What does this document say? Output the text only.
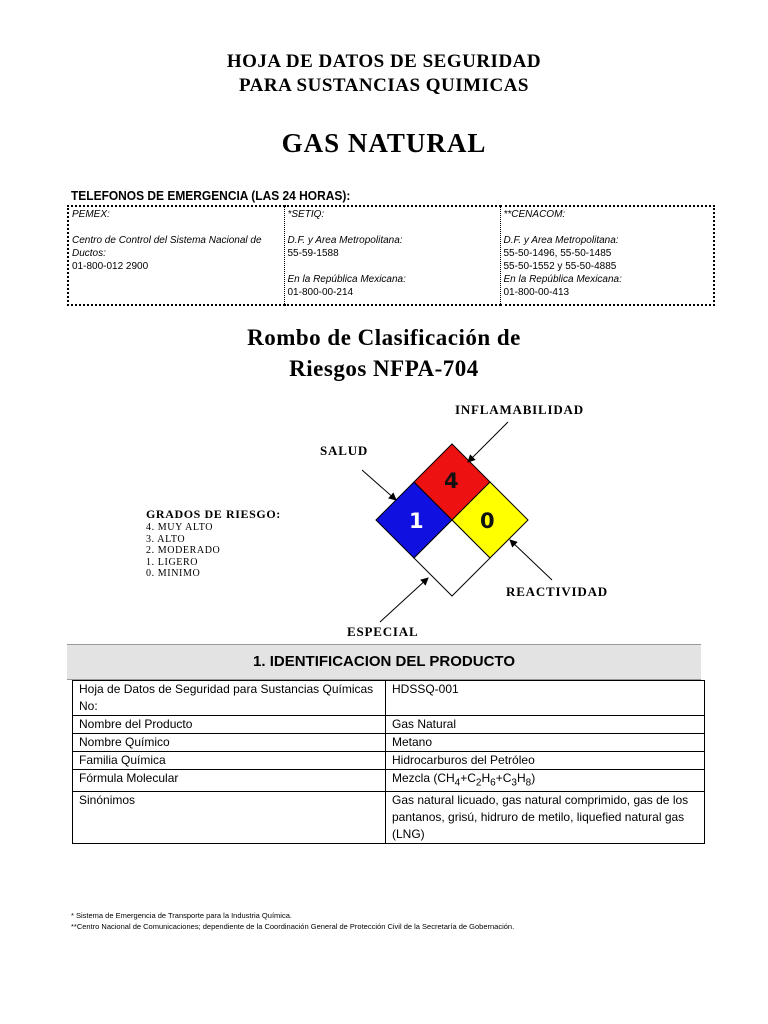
HOJA DE DATOS DE SEGURIDAD
PARA SUSTANCIAS QUIMICAS
GAS NATURAL
TELEFONOS DE EMERGENCIA (LAS 24 HORAS):
PEMEX:
Centro de Control del Sistema Nacional de Ductos:
01-800-012 2900

*SETIQ:
D.F. y Area Metropolitana:
55-59-1588
En la República Mexicana:
01-800-00-214

**CENACOM:
D.F. y Area Metropolitana:
55-50-1496, 55-50-1485
55-50-1552 y 55-50-4885
En la República Mexicana:
01-800-00-413
Rombo de Clasificación de
Riesgos NFPA-704
INFLAMABILIDAD
SALUD
REACTIVIDAD
ESPECIAL
1
4
0
GRADOS DE RIESGO:
4. MUY ALTO
3. ALTO
2. MODERADO
1. LIGERO
0. MINIMO
1. IDENTIFICACION DEL PRODUCTO
Hoja de Datos de Seguridad para Sustancias Químicas No:	HDSSQ-001
Nombre del Producto	Gas Natural
Nombre Químico	Metano
Familia Química	Hidrocarburos del Petróleo
Fórmula Molecular	Mezcla $(CH_4+C_2H_6+C_3H_8)$
Sinónimos	Gas natural licuado, gas natural comprimido, gas de los pantanos, grisú, hidruro de metilo, liquefied natural gas (LNG)
* Sistema de Emergencia de Transporte para la Industria Química.
**Centro Nacional de Comunicaciones; dependiente de la Coordinación General de Protección Civil de la Secretaría de Gobernación.
